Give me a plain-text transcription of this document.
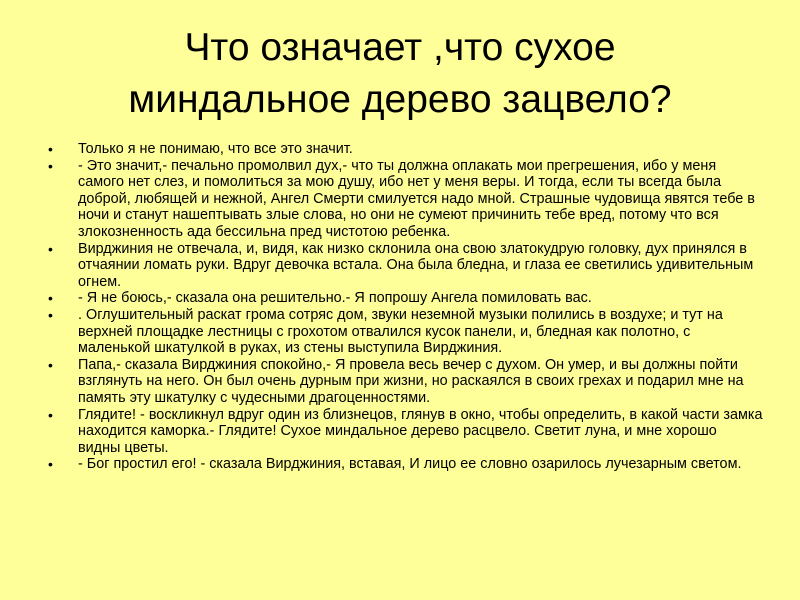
Что означает ,что сухое
миндальное дерево зацвело?
•	Только я не понимаю, что все это значит.
•	- Это значит,- печально промолвил дух,- что ты должна оплакать мои прегрешения, ибо у меня самого нет слез, и помолиться за мою душу, ибо нет у меня веры. И тогда, если ты всегда была доброй, любящей и нежной, Ангел Смерти смилуется надо мной. Страшные чудовища явятся тебе в ночи и станут нашептывать злые слова, но они не сумеют причинить тебе вред, потому что вся злокозненность ада бессильна пред чистотою ребенка.
•	Вирджиния не отвечала, и, видя, как низко склонила она свою златокудрую головку, дух принялся в отчаянии ломать руки. Вдруг девочка встала. Она была бледна, и глаза ее светились удивительным огнем.
•	- Я не боюсь,- сказала она решительно.- Я попрошу Ангела помиловать вас.
•	. Оглушительный раскат грома сотряс дом, звуки неземной музыки полились в воздухе; и тут на верхней площадке лестницы с грохотом отвалился кусок панели, и, бледная как полотно, с маленькой шкатулкой в руках, из стены выступила Вирджиния.
•	Папа,- сказала Вирджиния спокойно,- Я провела весь вечер с духом. Он умер, и вы должны пойти взглянуть на него. Он был очень дурным при жизни, но раскаялся в своих грехах и подарил мне на память эту шкатулку с чудесными драгоценностями.
•	Глядите! - воскликнул вдруг один из близнецов, глянув в окно, чтобы определить, в какой части замка находится каморка.- Глядите! Сухое миндальное дерево расцвело. Светит луна, и мне хорошо видны цветы.
•	- Бог простил его! - сказала Вирджиния, вставая, И лицо ее словно озарилось лучезарным светом.
